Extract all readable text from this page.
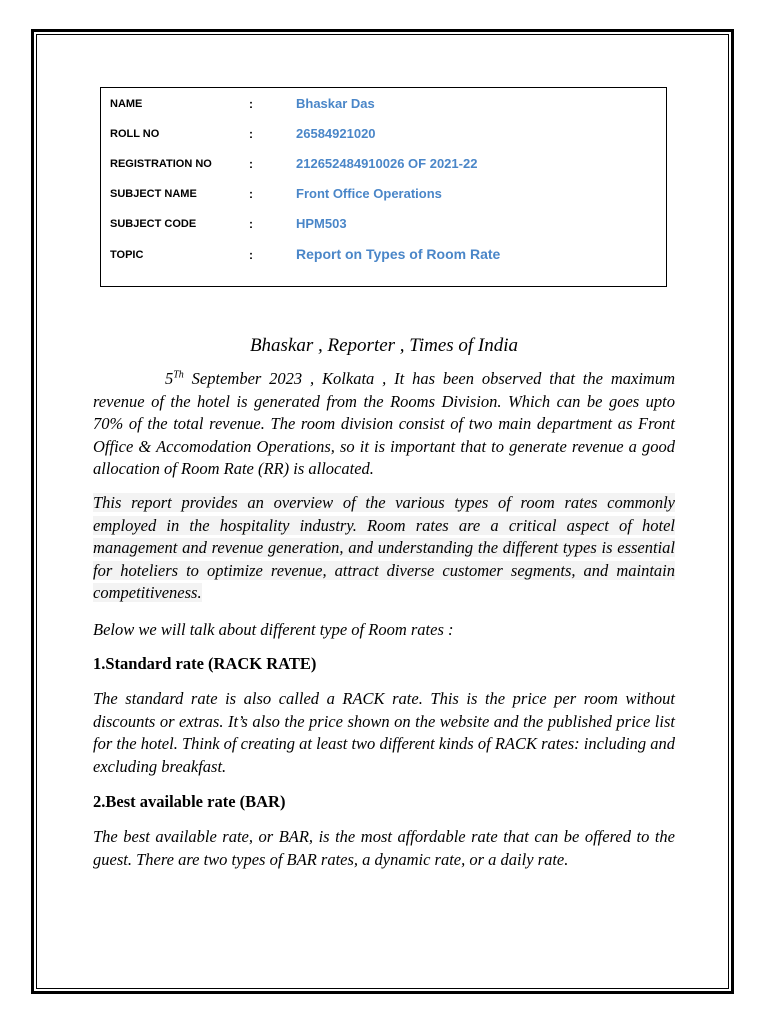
NAME	:	Bhaskar Das
ROLL NO	:	26584921020
REGISTRATION NO	:	212652484910026 OF 2021-22
SUBJECT NAME	:	Front Office Operations
SUBJECT CODE	:	HPM503
TOPIC	:	Report on Types of Room Rate
Bhaskar , Reporter , Times of India
5Th September 2023 , Kolkata , It has been observed that the maximum revenue of the hotel is generated from the Rooms Division. Which can be goes upto 70% of the total revenue. The room division consist of two main department as Front Office & Accomodation Operations, so it is important that to generate revenue a good allocation of Room Rate (RR) is allocated.
This report provides an overview of the various types of room rates commonly employed in the hospitality industry. Room rates are a critical aspect of hotel management and revenue generation, and understanding the different types is essential for hoteliers to optimize revenue, attract diverse customer segments, and maintain competitiveness.
Below we will talk about different type of Room rates :
1.Standard rate (RACK RATE)
The standard rate is also called a RACK rate. This is the price per room without discounts or extras. It’s also the price shown on the website and the published price list for the hotel. Think of creating at least two different kinds of RACK rates: including and excluding breakfast.
2.Best available rate (BAR)
The best available rate, or BAR, is the most affordable rate that can be offered to the guest. There are two types of BAR rates, a dynamic rate, or a daily rate.
